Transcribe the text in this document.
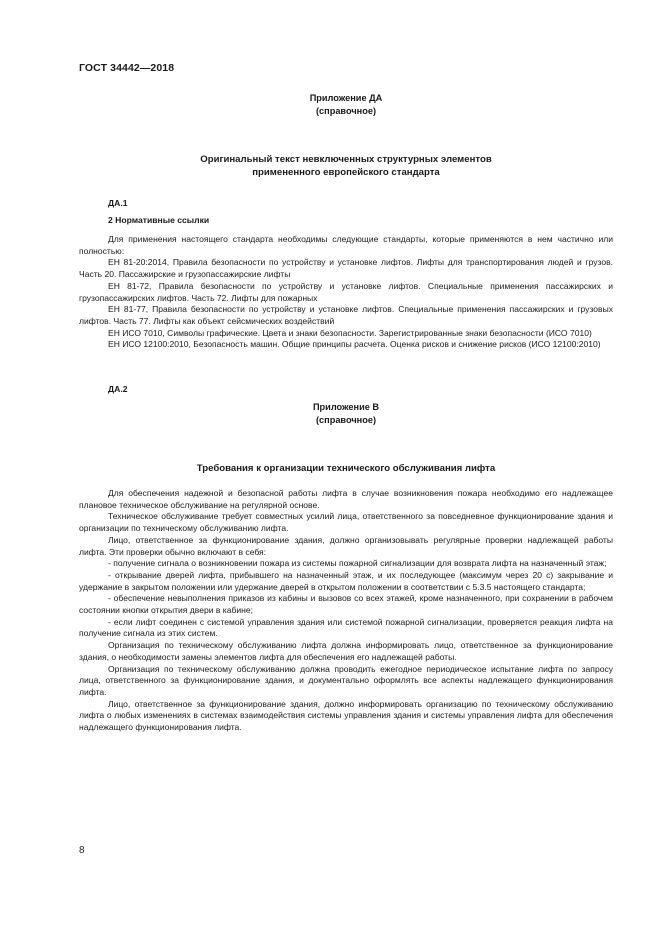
ГОСТ 34442—2018
Приложение ДА
(справочное)
Оригинальный текст невключенных структурных элементов
примененного европейского стандарта
ДА.1
2 Нормативные ссылки

Для применения настоящего стандарта необходимы следующие стандарты, которые применяются в нем частично или полностью:

ЕН 81-20:2014, Правила безопасности по устройству и установке лифтов. Лифты для транспортирования людей и грузов. Часть 20. Пассажирские и грузопассажирские лифты

ЕН 81-72, Правила безопасности по устройству и установке лифтов. Специальные применения пассажирских и грузопассажирских лифтов. Часть 72. Лифты для пожарных

ЕН 81-77, Правила безопасности по устройству и установке лифтов. Специальные применения пассажирских и грузовых лифтов. Часть 77. Лифты как объект сейсмических воздействий

ЕН ИСО 7010, Символы графические. Цвета и знаки безопасности. Зарегистрированные знаки безопасности (ИСО 7010)

ЕН ИСО 12100:2010, Безопасность машин. Общие принципы расчета. Оценка рисков и снижение рисков (ИСО 12100:2010)

ДА.2
Приложение В
(справочное)
Требования к организации технического обслуживания лифта

Для обеспечения надежной и безопасной работы лифта в случае возникновения пожара необходимо его надлежащее плановое техническое обслуживание на регулярной основе.

Техническое обслуживание требует совместных усилий лица, ответственного за повседневное функционирование здания и организации по техническому обслуживанию лифта.

Лицо, ответственное за функционирование здания, должно организовывать регулярные проверки надлежащей работы лифта. Эти проверки обычно включают в себя:

- получение сигнала о возникновении пожара из системы пожарной сигнализации для возврата лифта на назначенный этаж;

- открывание дверей лифта, прибывшего на назначенный этаж, и их последующее (максимум через 20 с) закрывание и удержание в закрытом положении или удержание дверей в открытом положении в соответствии с 5.3.5 настоящего стандарта;

- обеспечение невыполнения приказов из кабины и вызовов со всех этажей, кроме назначенного, при сохранении в рабочем состоянии кнопки открытия двери в кабине;

- если лифт соединен с системой управления здания или системой пожарной сигнализации, проверяется реакция лифта на получение сигнала из этих систем.

Организация по техническому обслуживанию лифта должна информировать лицо, ответственное за функционирование здания, о необходимости замены элементов лифта для обеспечения его надлежащей работы.

Организация по техническому обслуживанию должна проводить ежегодное периодическое испытание лифта по запросу лица, ответственного за функционирование здания, и документально оформлять все аспекты надлежащего функционирования лифта.

Лицо, ответственное за функционирование здания, должно информировать организацию по техническому обслуживанию лифта о любых изменениях в системах взаимодействия системы управления здания и системы управления лифта для обеспечения надлежащего функционирования лифта.

8
